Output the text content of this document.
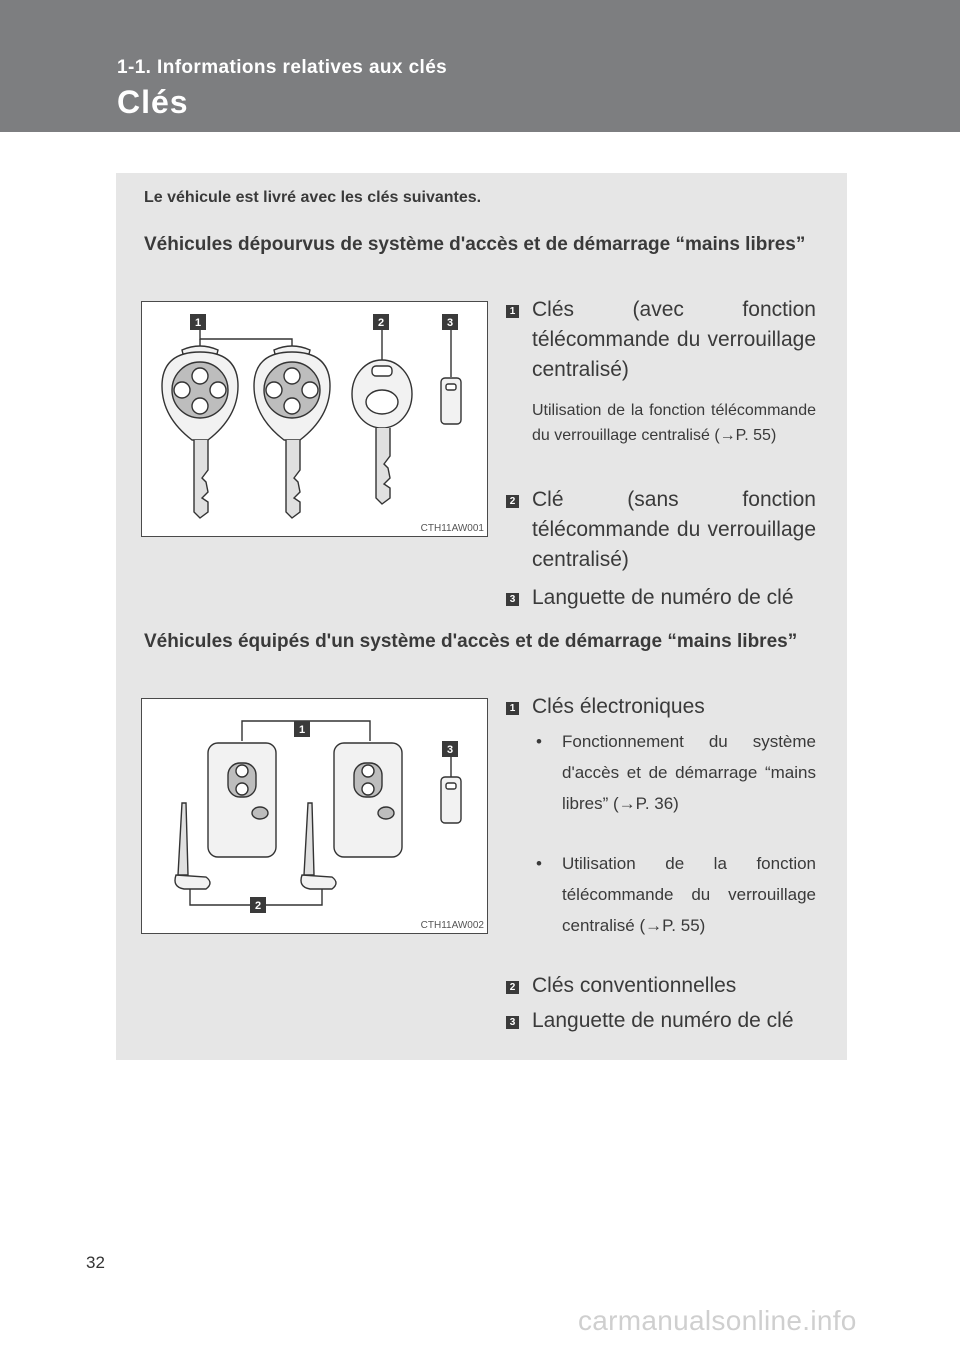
1-1. Informations relatives aux clés
Clés
Le véhicule est livré avec les clés suivantes.
Véhicules dépourvus de système d'accès et de démarrage “mains libres”
1	2	3
CTH11AW001
1 Clés (avec fonction télécommande du verrouillage centralisé)
Utilisation de la fonction télécommande du verrouillage centralisé (→P. 55)
2 Clé (sans fonction télécommande du verrouillage centralisé)
3 Languette de numéro de clé
Véhicules équipés d'un système d'accès et de démarrage “mains libres”
1
2
3
CTH11AW002
1 Clés électroniques
• Fonctionnement du système d'accès et de démarrage “mains libres” (→P. 36)
• Utilisation de la fonction télécommande du verrouillage centralisé (→P. 55)
2 Clés conventionnelles
3 Languette de numéro de clé
32
carmanualsonline.info
